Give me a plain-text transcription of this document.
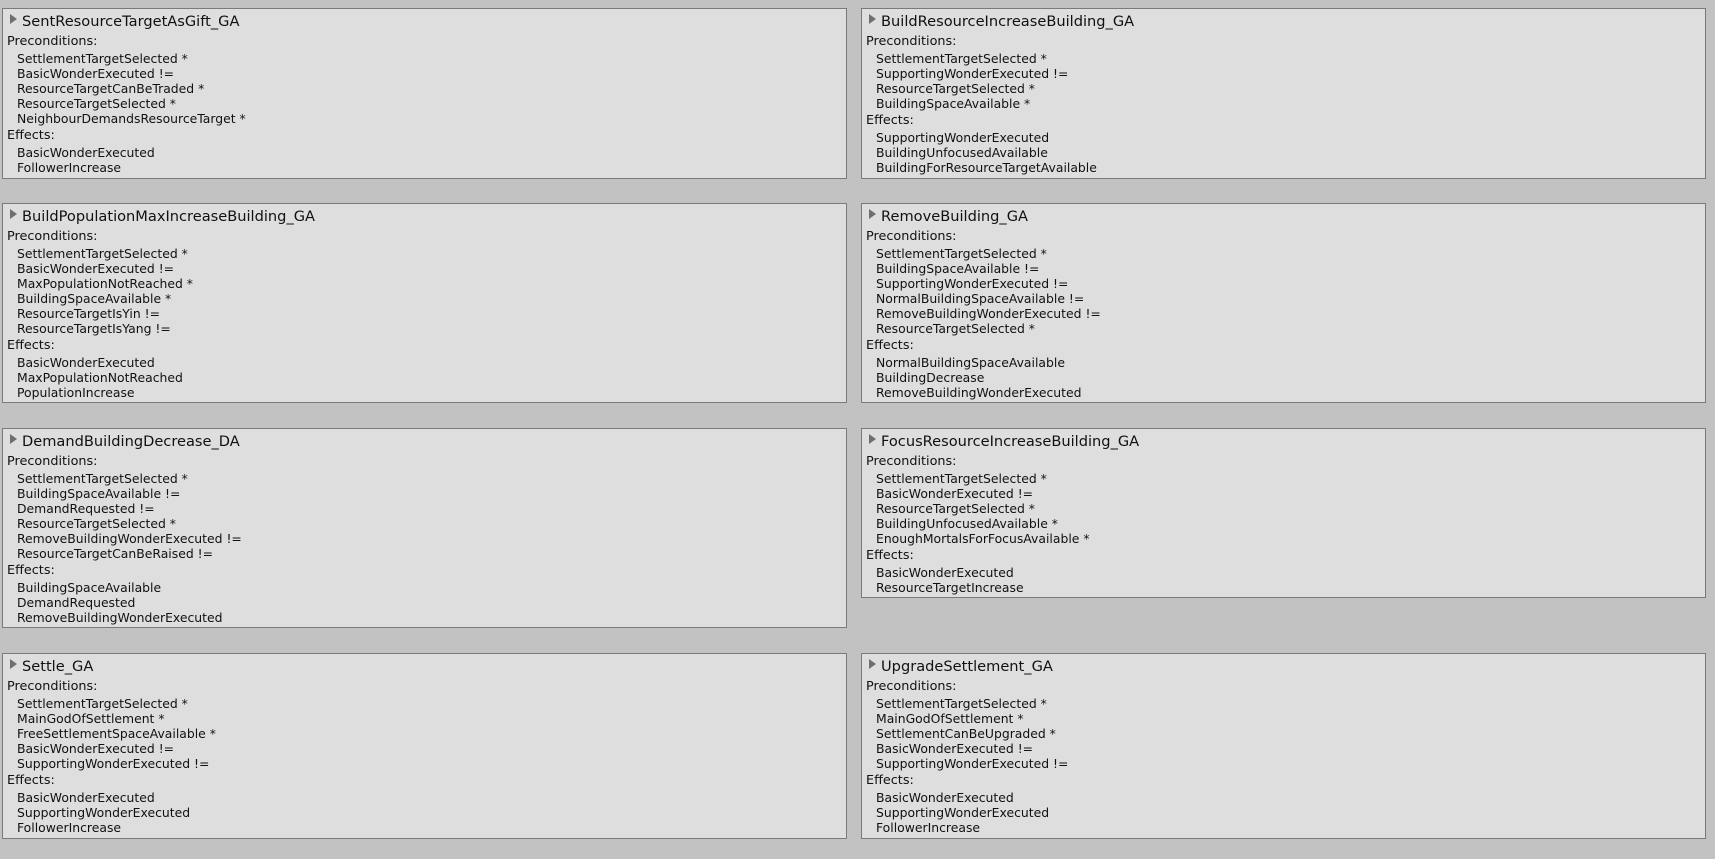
SentResourceTargetAsGift_GA
Preconditions:
SettlementTargetSelected *
BasicWonderExecuted !=
ResourceTargetCanBeTraded *
ResourceTargetSelected *
NeighbourDemandsResourceTarget *
Effects:
BasicWonderExecuted
FollowerIncrease
BuildResourceIncreaseBuilding_GA
Preconditions:
SettlementTargetSelected *
SupportingWonderExecuted !=
ResourceTargetSelected *
BuildingSpaceAvailable *
Effects:
SupportingWonderExecuted
BuildingUnfocusedAvailable
BuildingForResourceTargetAvailable
BuildPopulationMaxIncreaseBuilding_GA
Preconditions:
SettlementTargetSelected *
BasicWonderExecuted !=
MaxPopulationNotReached *
BuildingSpaceAvailable *
ResourceTargetIsYin !=
ResourceTargetIsYang !=
Effects:
BasicWonderExecuted
MaxPopulationNotReached
PopulationIncrease
RemoveBuilding_GA
Preconditions:
SettlementTargetSelected *
BuildingSpaceAvailable !=
SupportingWonderExecuted !=
NormalBuildingSpaceAvailable !=
RemoveBuildingWonderExecuted !=
ResourceTargetSelected *
Effects:
NormalBuildingSpaceAvailable
BuildingDecrease
RemoveBuildingWonderExecuted
DemandBuildingDecrease_DA
Preconditions:
SettlementTargetSelected *
BuildingSpaceAvailable !=
DemandRequested !=
ResourceTargetSelected *
RemoveBuildingWonderExecuted !=
ResourceTargetCanBeRaised !=
Effects:
BuildingSpaceAvailable
DemandRequested
RemoveBuildingWonderExecuted
FocusResourceIncreaseBuilding_GA
Preconditions:
SettlementTargetSelected *
BasicWonderExecuted !=
ResourceTargetSelected *
BuildingUnfocusedAvailable *
EnoughMortalsForFocusAvailable *
Effects:
BasicWonderExecuted
ResourceTargetIncrease
Settle_GA
Preconditions:
SettlementTargetSelected *
MainGodOfSettlement *
FreeSettlementSpaceAvailable *
BasicWonderExecuted !=
SupportingWonderExecuted !=
Effects:
BasicWonderExecuted
SupportingWonderExecuted
FollowerIncrease
UpgradeSettlement_GA
Preconditions:
SettlementTargetSelected *
MainGodOfSettlement *
SettlementCanBeUpgraded *
BasicWonderExecuted !=
SupportingWonderExecuted !=
Effects:
BasicWonderExecuted
SupportingWonderExecuted
FollowerIncrease
